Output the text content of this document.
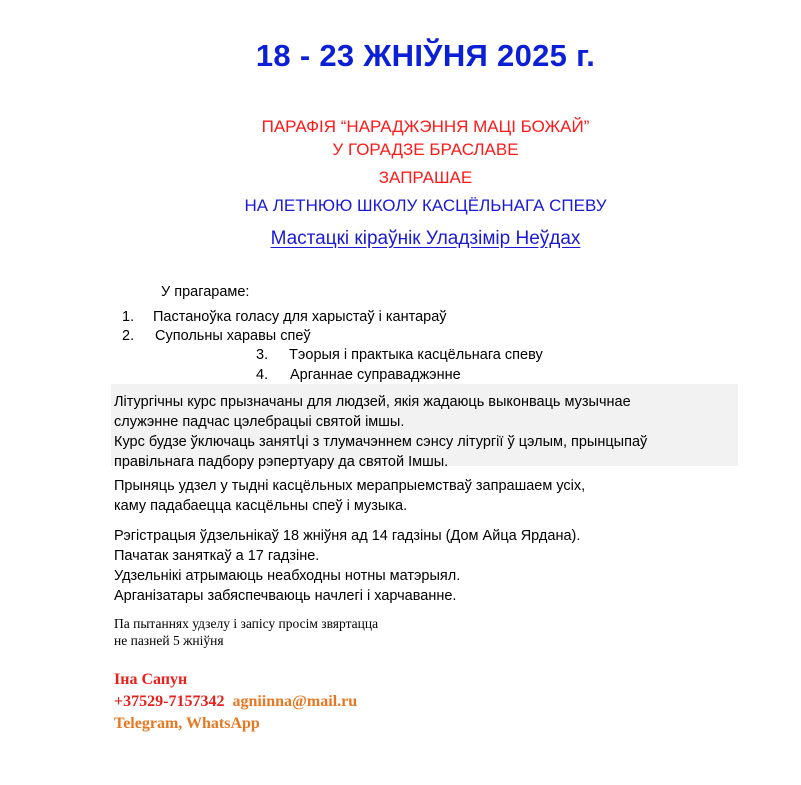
18 - 23 ЖНІЎНЯ 2025 г.
ПАРАФІЯ “НАРАДЖЭННЯ МАЦІ БОЖАЙ”
У ГОРАДЗЕ БРАСЛАВЕ
ЗАПРАШАЕ
НА ЛЕТНЮЮ ШКОЛУ КАСЦЁЛЬНАГА СПЕВУ
Мастацкі кіраўнік Уладзімір Неўдах
У прагараме:
1. Пастаноўка голасу для харыстаў і кантараў
2. Супольны харавы спеў
3. Тэорыя і практыка касцёльнага спеву
4. Арганнае суправаджэнне
Літургічны курс прызначаны для людзей, якія жадаюць выконваць музычнае
служэнне падчас цэлебрацыі святой імшы.
Курс будзе ўключаць занятկі з тлумачэннем сэнсу літургії ў цэлым, прынцыпаў
правільнага падбору рэпертуару да святой Імшы.
Прыняць удзел у тыдні касцёльных мерапрыемстваў запрашаем усіх,
каму падабаецца касцёльны спеў і музыка.
Рэгістрацыя ўдзельнікаў 18 жніўня ад 14 гадзіны (Дом Айца Ярдана).
Пачатак заняткаў а 17 гадзіне.
Удзельнікі атрымаюць неабходны нотны матэрыял.
Арганізатары забяспечваюць начлегі і харчаванне.
Па пытаннях удзелу і запісу просім звяртацца
не пазней 5 жніўня
Іна Сапун
+37529-7157342 agniinna@mail.ru
Telegram, WhatsApp
